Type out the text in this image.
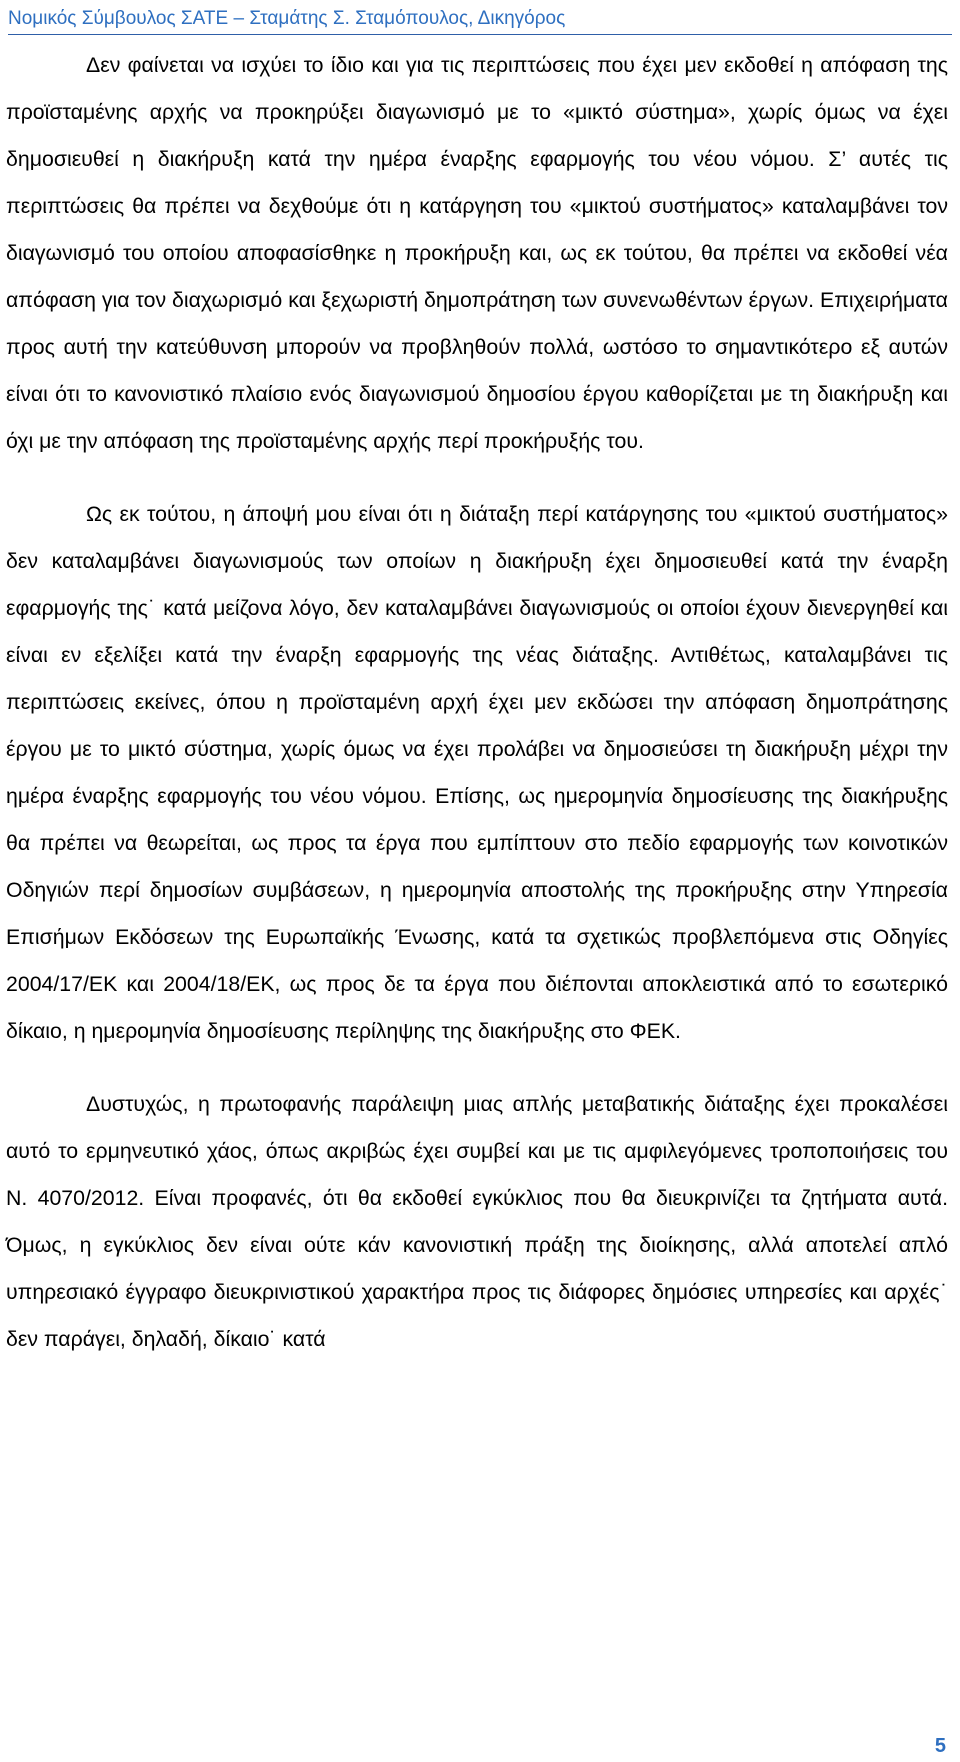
Νομικός Σύμβουλος ΣΑΤΕ – Σταμάτης Σ. Σταμόπουλος, Δικηγόρος

Δεν φαίνεται να ισχύει το ίδιο και για τις περιπτώσεις που έχει μεν εκδοθεί η απόφαση της προϊσταμένης αρχής να προκηρύξει διαγωνισμό με το «μικτό σύστημα», χωρίς όμως να έχει δημοσιευθεί η διακήρυξη κατά την ημέρα έναρξης εφαρμογής του νέου νόμου. Σ’ αυτές τις περιπτώσεις θα πρέπει να δεχθούμε ότι η κατάργηση του «μικτού συστήματος» καταλαμβάνει τον διαγωνισμό του οποίου αποφασίσθηκε η προκήρυξη και, ως εκ τούτου, θα πρέπει να εκδοθεί νέα απόφαση για τον διαχωρισμό και ξεχωριστή δημοπράτηση των συνενωθέντων έργων. Επιχειρήματα προς αυτή την κατεύθυνση μπορούν να προβληθούν πολλά, ωστόσο το σημαντικότερο εξ αυτών είναι ότι το κανονιστικό πλαίσιο ενός διαγωνισμού δημοσίου έργου καθορίζεται με τη διακήρυξη και όχι με την απόφαση της προϊσταμένης αρχής περί προκήρυξής του.

Ως εκ τούτου, η άποψή μου είναι ότι η διάταξη περί κατάργησης του «μικτού συστήματος» δεν καταλαμβάνει διαγωνισμούς των οποίων η διακήρυξη έχει δημοσιευθεί κατά την έναρξη εφαρμογής της˙ κατά μείζονα λόγο, δεν καταλαμβάνει διαγωνισμούς οι οποίοι έχουν διενεργηθεί και είναι εν εξελίξει κατά την έναρξη εφαρμογής της νέας διάταξης. Αντιθέτως, καταλαμβάνει τις περιπτώσεις εκείνες, όπου η προϊσταμένη αρχή έχει μεν εκδώσει την απόφαση δημοπράτησης έργου με το μικτό σύστημα, χωρίς όμως να έχει προλάβει να δημοσιεύσει τη διακήρυξη μέχρι την ημέρα έναρξης εφαρμογής του νέου νόμου. Επίσης, ως ημερομηνία δημοσίευσης της διακήρυξης θα πρέπει να θεωρείται, ως προς τα έργα που εμπίπτουν στο πεδίο εφαρμογής των κοινοτικών Οδηγιών περί δημοσίων συμβάσεων, η ημερομηνία αποστολής της προκήρυξης στην Υπηρεσία Επισήμων Εκδόσεων της Ευρωπαϊκής Ένωσης, κατά τα σχετικώς προβλεπόμενα στις Οδηγίες 2004/17/ΕΚ και 2004/18/ΕΚ, ως προς δε τα έργα που διέπονται αποκλειστικά από το εσωτερικό δίκαιο, η ημερομηνία δημοσίευσης περίληψης της διακήρυξης στο ΦΕΚ.

Δυστυχώς, η πρωτοφανής παράλειψη μιας απλής μεταβατικής διάταξης έχει προκαλέσει αυτό το ερμηνευτικό χάος, όπως ακριβώς έχει συμβεί και με τις αμφιλεγόμενες τροποποιήσεις του Ν. 4070/2012. Είναι προφανές, ότι θα εκδοθεί εγκύκλιος που θα διευκρινίζει τα ζητήματα αυτά. Όμως, η εγκύκλιος δεν είναι ούτε κάν κανονιστική πράξη της διοίκησης, αλλά αποτελεί απλό υπηρεσιακό έγγραφο διευκρινιστικού χαρακτήρα προς τις διάφορες δημόσιες υπηρεσίες και αρχές˙ δεν παράγει, δηλαδή, δίκαιο˙ κατά

5
